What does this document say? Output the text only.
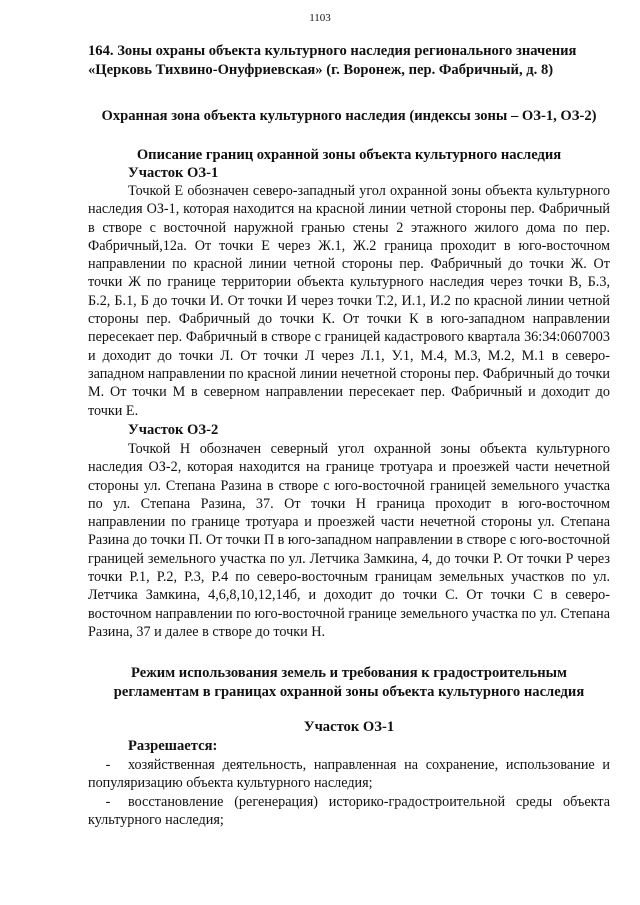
1103
164. Зоны охраны объекта культурного наследия регионального значения
«Церковь Тихвино-Онуфриевская» (г. Воронеж, пер. Фабричный, д. 8)
Охранная зона объекта культурного наследия (индексы зоны – ОЗ-1, ОЗ-2)
Описание границ охранной зоны объекта культурного наследия
Участок ОЗ-1
Точкой Е обозначен северо-западный угол охранной зоны объекта культурного наследия ОЗ-1, которая находится на красной линии четной стороны пер. Фабричный в створе с восточной наружной гранью стены 2 этажного жилого дома по пер. Фабричный,12а. От точки Е через Ж.1, Ж.2 граница проходит в юго-восточном направлении по красной линии четной стороны пер. Фабричный до точки Ж. От точки Ж по границе территории объекта культурного наследия через точки В, Б.3, Б.2, Б.1, Б до точки И. От точки И через точки Т.2, И.1, И.2 по красной линии четной стороны пер. Фабричный до точки К. От точки К в юго-западном направлении пересекает пер. Фабричный в створе с границей кадастрового квартала 36:34:0607003 и доходит до точки Л. От точки Л через Л.1, У.1, М.4, М.3, М.2, М.1 в северо-западном направлении по красной линии нечетной стороны пер. Фабричный до точки М. От точки М в северном направлении пересекает пер. Фабричный и доходит до точки Е.
Участок ОЗ-2
Точкой Н обозначен северный угол охранной зоны объекта культурного наследия ОЗ-2, которая находится на границе тротуара и проезжей части нечетной стороны ул. Степана Разина в створе с юго-восточной границей земельного участка по ул. Степана Разина, 37. От точки Н граница проходит в юго-восточном направлении по границе тротуара и проезжей части нечетной стороны ул. Степана Разина до точки П. От точки П в юго-западном направлении в створе с юго-восточной границей земельного участка по ул. Летчика Замкина, 4, до точки Р. От точки Р через точки Р.1, Р.2, Р.3, Р.4 по северо-восточным границам земельных участков по ул. Летчика Замкина, 4,6,8,10,12,14б, и доходит до точки С. От точки С в северо-восточном направлении по юго-восточной границе земельного участка по ул. Степана Разина, 37 и далее в створе до точки Н.
Режим использования земель и требования к градостроительным
регламентам в границах охранной зоны объекта культурного наследия
Участок ОЗ-1
Разрешается:
- хозяйственная деятельность, направленная на сохранение, использование и популяризацию объекта культурного наследия;
- восстановление (регенерация) историко-градостроительной среды объекта культурного наследия;
